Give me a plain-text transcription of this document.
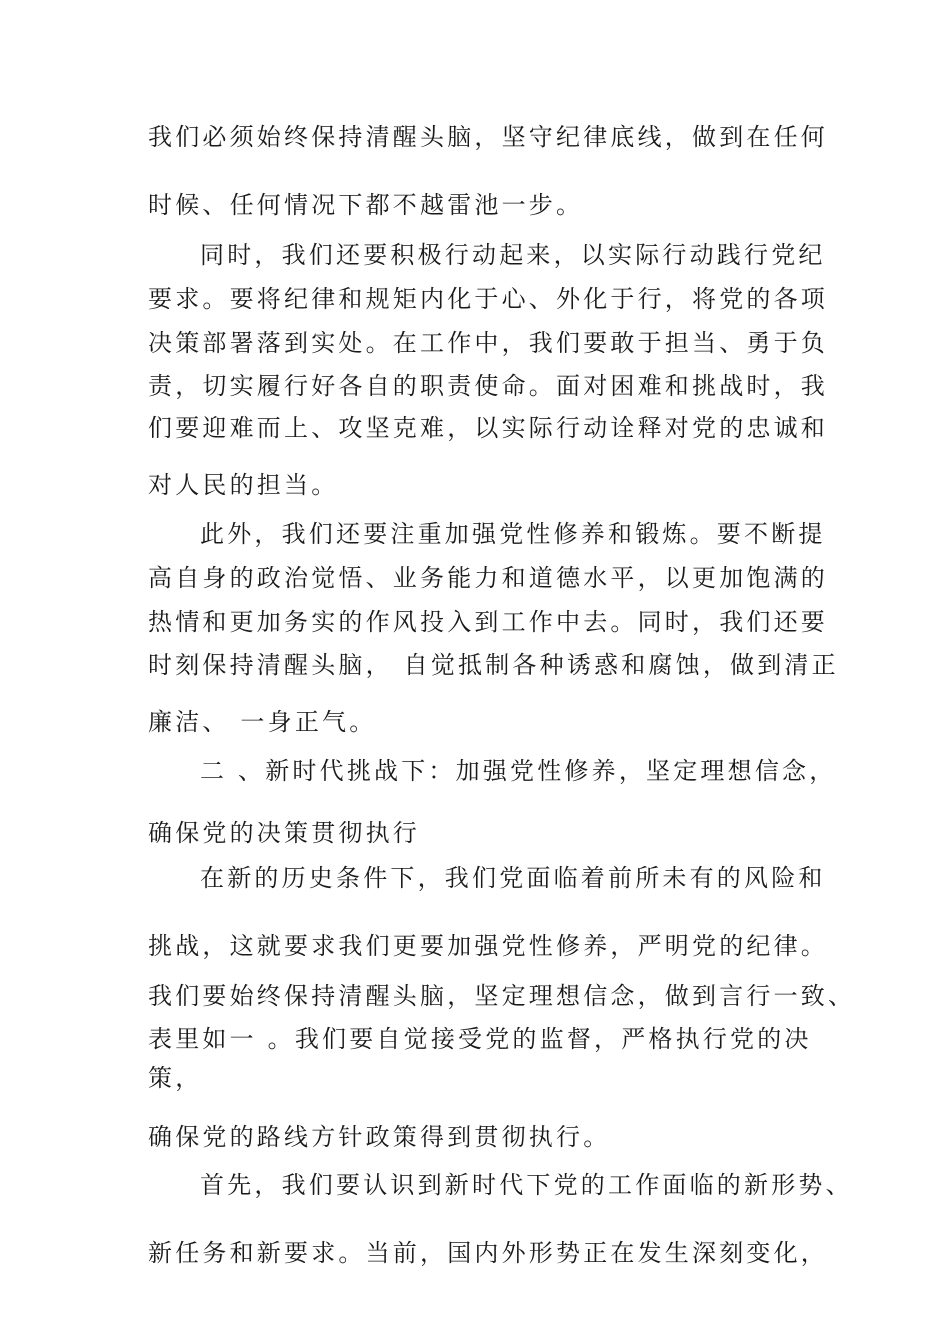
我们必须始终保持清醒头脑，坚守纪律底线，做到在任何
时候、任何情况下都不越雷池一步。
同时，我们还要积极行动起来，以实际行动践行党纪
要求。要将纪律和规矩内化于心、外化于行，将党的各项
决策部署落到实处。在工作中，我们要敢于担当、勇于负
责，切实履行好各自的职责使命。面对困难和挑战时，我
们要迎难而上、攻坚克难，以实际行动诠释对党的忠诚和
对人民的担当。
此外，我们还要注重加强党性修养和锻炼。要不断提
高自身的政治觉悟、业务能力和道德水平，以更加饱满的
热情和更加务实的作风投入到工作中去。同时，我们还要
时刻保持清醒头脑， 自觉抵制各种诱惑和腐蚀，做到清正
廉洁、 一身正气。
二 、新时代挑战下：加强党性修养，坚定理想信念，
确保党的决策贯彻执行
在新的历史条件下，我们党面临着前所未有的风险和
挑战，这就要求我们更要加强党性修养，严明党的纪律。
我们要始终保持清醒头脑，坚定理想信念，做到言行一致、
表里如一 。我们要自觉接受党的监督，严格执行党的决
策，
确保党的路线方针政策得到贯彻执行。
首先，我们要认识到新时代下党的工作面临的新形势、
新任务和新要求。当前，国内外形势正在发生深刻变化，
